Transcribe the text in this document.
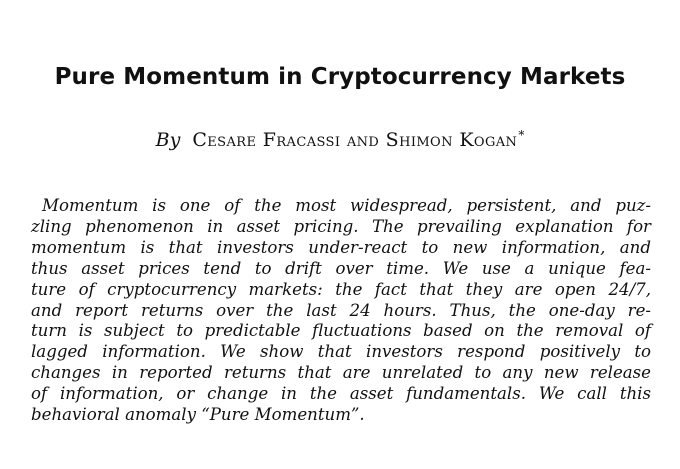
Pure Momentum in Cryptocurrency Markets
By Cesare Fracassi and Shimon Kogan*

Momentum is one of the most widespread, persistent, and puz-
zling phenomenon in asset pricing. The prevailing explanation for
momentum is that investors under-react to new information, and
thus asset prices tend to drift over time. We use a unique fea-
ture of cryptocurrency markets: the fact that they are open 24/7,
and report returns over the last 24 hours. Thus, the one-day re-
turn is subject to predictable fluctuations based on the removal of
lagged information. We show that investors respond positively to
changes in reported returns that are unrelated to any new release
of information, or change in the asset fundamentals. We call this
behavioral anomaly “Pure Momentum”.
